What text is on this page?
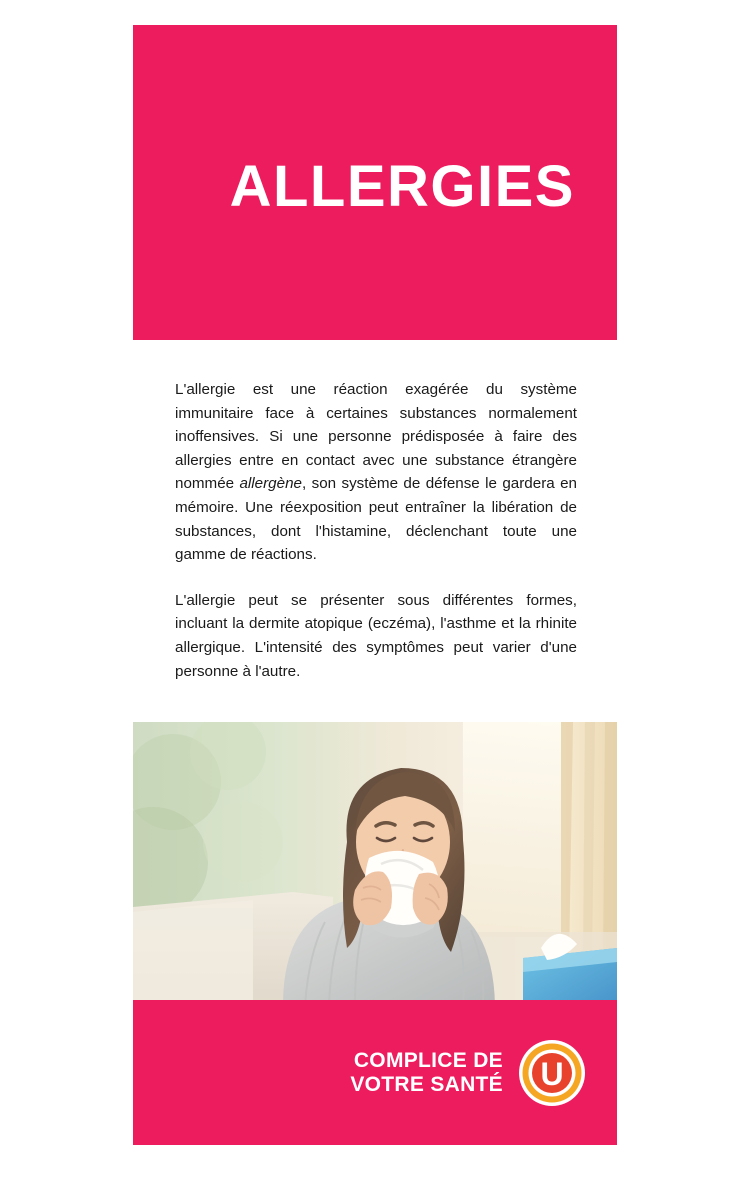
ALLERGIES

L'allergie est une réaction exagérée du système immunitaire face à certaines substances normalement inoffensives. Si une personne prédisposée à faire des allergies entre en contact avec une substance étrangère nommée allergène, son système de défense le gardera en mémoire. Une réexposition peut entraîner la libération de substances, dont l'histamine, déclenchant toute une gamme de réactions.

L'allergie peut se présenter sous différentes formes, incluant la dermite atopique (eczéma), l'asthme et la rhinite allergique. L'intensité des symptômes peut varier d'une personne à l'autre.

COMPLICE DE
VOTRE SANTÉ U
